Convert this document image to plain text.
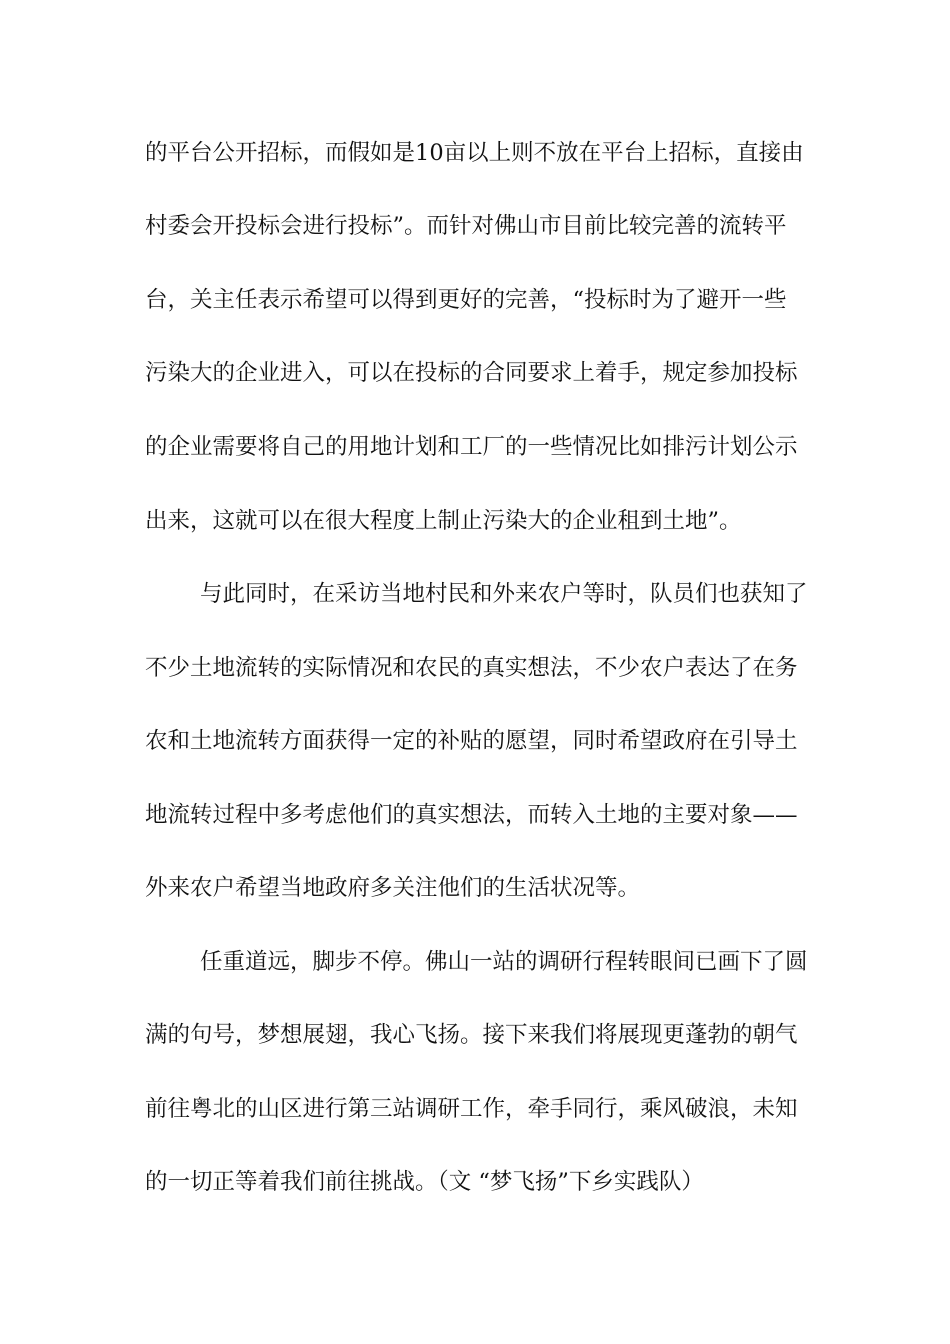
的平台公开招标，而假如是10亩以上则不放在平台上招标，直接由
村委会开投标会进行投标”。而针对佛山市目前比较完善的流转平
台，关主任表示希望可以得到更好的完善，“投标时为了避开一些
污染大的企业进入，可以在投标的合同要求上着手，规定参加投标
的企业需要将自己的用地计划和工厂的一些情况比如排污计划公示
出来，这就可以在很大程度上制止污染大的企业租到土地”。
与此同时，在采访当地村民和外来农户等时，队员们也获知了
不少土地流转的实际情况和农民的真实想法，不少农户表达了在务
农和土地流转方面获得一定的补贴的愿望，同时希望政府在引导土
地流转过程中多考虑他们的真实想法，而转入土地的主要对象——
外来农户希望当地政府多关注他们的生活状况等。
任重道远，脚步不停。佛山一站的调研行程转眼间已画下了圆
满的句号，梦想展翅，我心飞扬。接下来我们将展现更蓬勃的朝气
前往粤北的山区进行第三站调研工作，牵手同行，乘风破浪，未知
的一切正等着我们前往挑战。（文 “梦飞扬”下乡实践队）
